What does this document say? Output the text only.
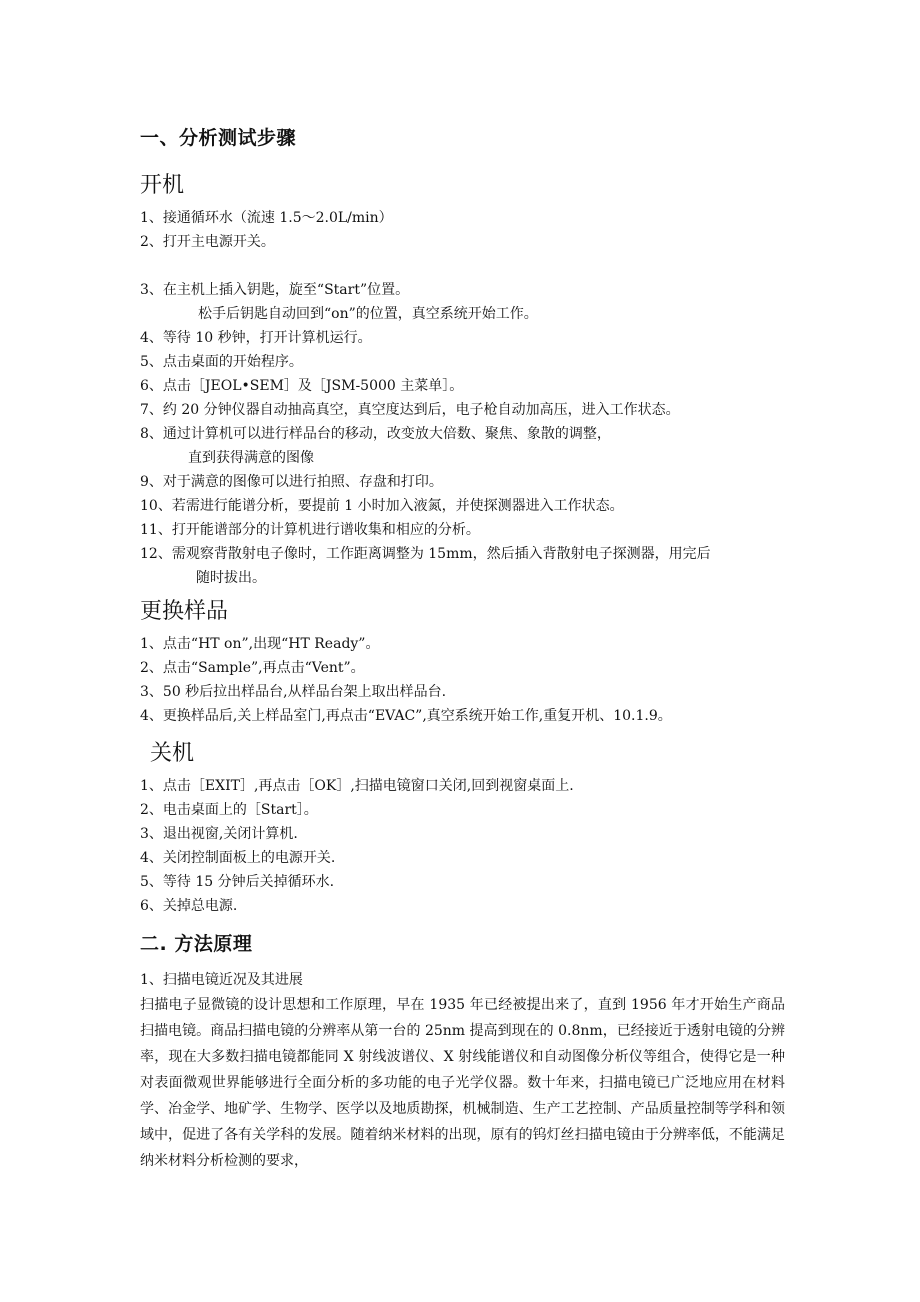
一、分析测试步骤
开机
1、接通循环水（流速 1.5～2.0L/min）
2、打开主电源开关。
3、在主机上插入钥匙，旋至“Start”位置。
松手后钥匙自动回到“on”的位置，真空系统开始工作。
4、等待 10 秒钟，打开计算机运行。
5、点击桌面的开始程序。
6、点击［JEOL•SEM］及［JSM-5000 主菜单］。
7、约 20 分钟仪器自动抽高真空，真空度达到后，电子枪自动加高压，进入工作状态。
8、通过计算机可以进行样品台的移动，改变放大倍数、聚焦、象散的调整，
直到获得满意的图像
9、对于满意的图像可以进行拍照、存盘和打印。
10、若需进行能谱分析，要提前 1 小时加入液氮，并使探测器进入工作状态。
11、打开能谱部分的计算机进行谱收集和相应的分析。
12、需观察背散射电子像时，工作距离调整为 15mm，然后插入背散射电子探测器，用完后
随时拔出。
更换样品
1、点击“HT on”,出现“HT Ready”。
2、点击“Sample”,再点击“Vent”。
3、50 秒后拉出样品台,从样品台架上取出样品台.
4、更换样品后,关上样品室门,再点击“EVAC”,真空系统开始工作,重复开机、10.1.9。
关机
1、点击［EXIT］,再点击［OK］,扫描电镜窗口关闭,回到视窗桌面上.
2、电击桌面上的［Start］。
3、退出视窗,关闭计算机.
4、关闭控制面板上的电源开关.
5、等待 15 分钟后关掉循环水.
6、关掉总电源.
二. 方法原理
1、扫描电镜近况及其进展

扫描电子显微镜的设计思想和工作原理，早在 1935 年已经被提出来了，直到 1956 年才开始生产商品扫描电镜。商品扫描电镜的分辨率从第一台的 25nm 提高到现在的 0.8nm，已经接近于透射电镜的分辨率，现在大多数扫描电镜都能同 X 射线波谱仪、X 射线能谱仪和自动图像分析仪等组合，使得它是一种对表面微观世界能够进行全面分析的多功能的电子光学仪器。数十年来，扫描电镜已广泛地应用在材料学、冶金学、地矿学、生物学、医学以及地质勘探，机械制造、生产工艺控制、产品质量控制等学科和领域中，促进了各有关学科的发展。随着纳米材料的出现，原有的钨灯丝扫描电镜由于分辨率低，不能满足纳米材料分析检测的要求，
